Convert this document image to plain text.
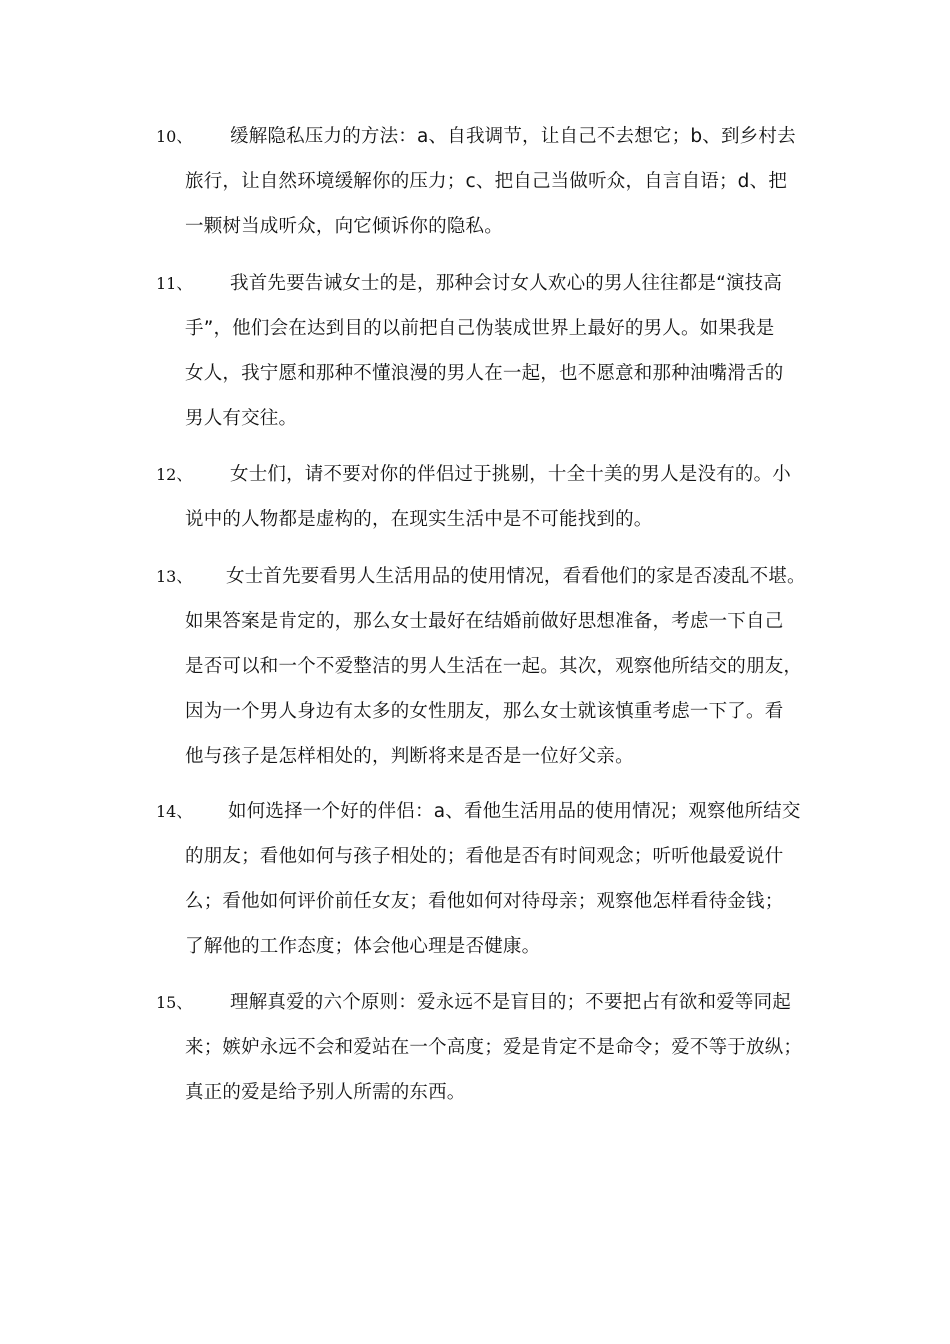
10、 缓解隐私压力的方法：a、自我调节，让自己不去想它；b、到乡村去
旅行，让自然环境缓解你的压力；c、把自己当做听众，自言自语；d、把
一颗树当成听众，向它倾诉你的隐私。
11、 我首先要告诫女士的是，那种会讨女人欢心的男人往往都是“演技高
手”，他们会在达到目的以前把自己伪装成世界上最好的男人。如果我是
女人，我宁愿和那种不懂浪漫的男人在一起，也不愿意和那种油嘴滑舌的
男人有交往。
12、 女士们，请不要对你的伴侣过于挑剔，十全十美的男人是没有的。小
说中的人物都是虚构的，在现实生活中是不可能找到的。
13、 女士首先要看男人生活用品的使用情况，看看他们的家是否凌乱不堪。
如果答案是肯定的，那么女士最好在结婚前做好思想准备，考虑一下自己
是否可以和一个不爱整洁的男人生活在一起。其次，观察他所结交的朋友，
因为一个男人身边有太多的女性朋友，那么女士就该慎重考虑一下了。看
他与孩子是怎样相处的，判断将来是否是一位好父亲。
14、 如何选择一个好的伴侣：a、看他生活用品的使用情况；观察他所结交
的朋友；看他如何与孩子相处的；看他是否有时间观念；听听他最爱说什
么；看他如何评价前任女友；看他如何对待母亲；观察他怎样看待金钱；
了解他的工作态度；体会他心理是否健康。
15、 理解真爱的六个原则：爱永远不是盲目的；不要把占有欲和爱等同起
来；嫉妒永远不会和爱站在一个高度；爱是肯定不是命令；爱不等于放纵；
真正的爱是给予别人所需的东西。
